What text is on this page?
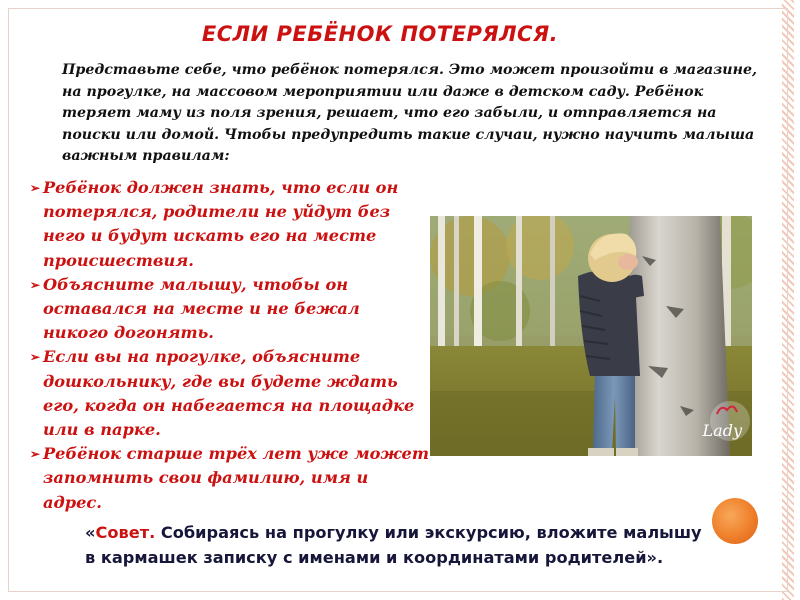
ЕСЛИ РЕБЁНОК ПОТЕРЯЛСЯ.

Представьте себе, что ребёнок потерялся. Это может произойти в магазине, на прогулке, на массовом мероприятии или даже в детском саду. Ребёнок теряет маму из поля зрения, решает, что его забыли, и отправляется на поиски или домой. Чтобы предупредить такие случаи, нужно научить малыша важным правилам:

➢ Ребёнок должен знать, что если он потерялся, родители не уйдут без него и будут искать его на месте происшествия.
➢ Объясните малышу, чтобы он оставался на месте и не бежал никого догонять.
➢ Если вы на прогулке, объясните дошкольнику, где вы будете ждать его, когда он набегается на площадке или в парке.
➢ Ребёнок старше трёх лет уже может запомнить свои фамилию, имя и адрес.
Lady

«Совет. Собираясь на прогулку или экскурсию, вложите малышу в кармашек записку с именами и координатами родителей».
